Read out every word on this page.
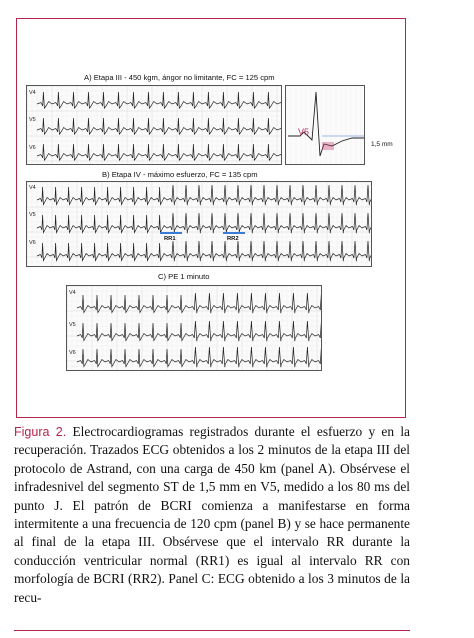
A) Etapa III - 450 kgm, ángor no limitante, FC = 125 cpm
V4
V5
V6
V5
1,5 mm
B) Etapa IV - máximo esfuerzo, FC = 135 cpm
V4
V5
V6
RR1	RR2
C) PE 1 minuto
V4
V5
V6
Figura 2. Electrocardiogramas registrados durante el esfuerzo y en la recuperación. Trazados ECG obtenidos a los 2 minutos de la etapa III del protocolo de Astrand, con una carga de 450 km (panel A). Obsérvese el infradesnivel del segmento ST de 1,5 mm en V5, medido a los 80 ms del punto J. El patrón de BCRI comienza a manifestarse en forma intermitente a una frecuencia de 120 cpm (panel B) y se hace permanente al final de la etapa III. Obsérvese que el intervalo RR durante la conducción ventricular normal (RR1) es igual al intervalo RR con morfología de BCRI (RR2). Panel C: ECG obtenido a los 3 minutos de la recu-
